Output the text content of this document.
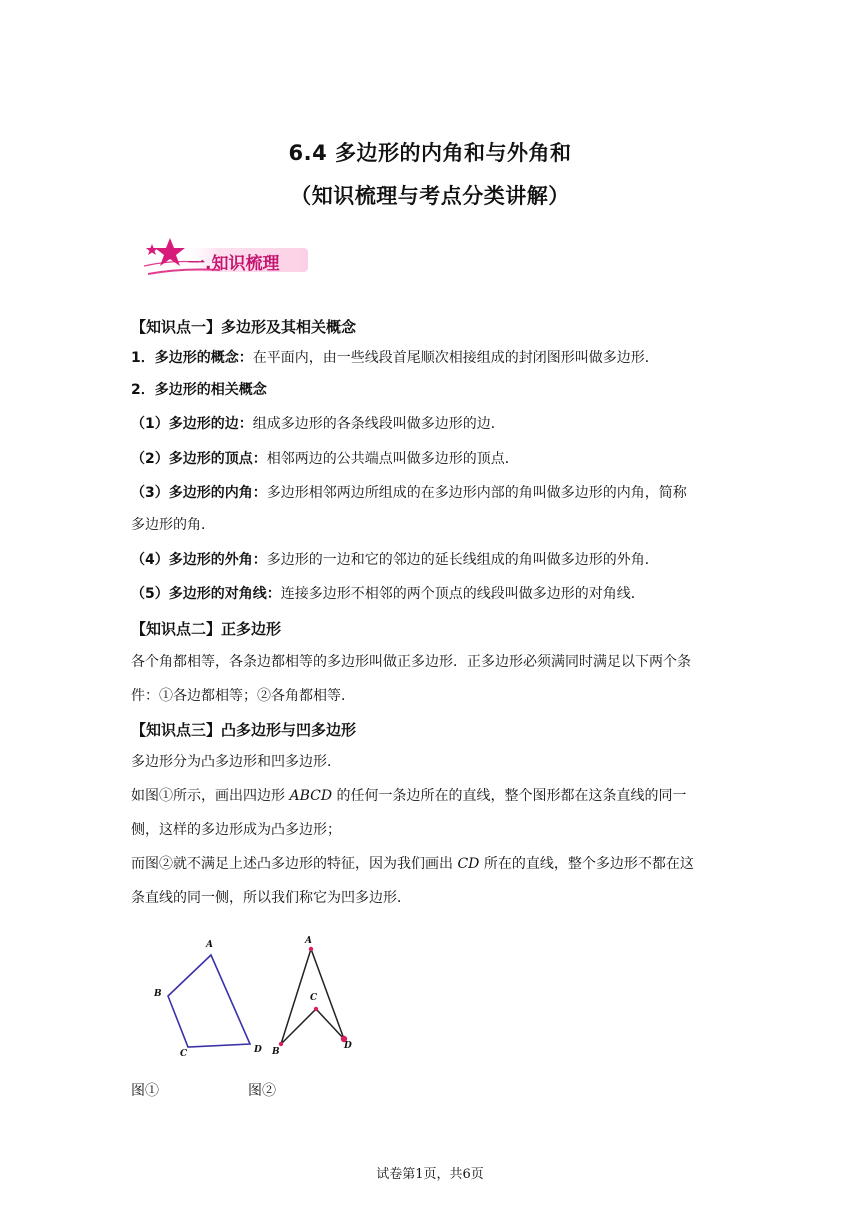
6.4 多边形的内角和与外角和
（知识梳理与考点分类讲解）
一.知识梳理
【知识点一】多边形及其相关概念
1．多边形的概念：在平面内，由一些线段首尾顺次相接组成的封闭图形叫做多边形．
2．多边形的相关概念
（1）多边形的边：组成多边形的各条线段叫做多边形的边．
（2）多边形的顶点：相邻两边的公共端点叫做多边形的顶点．
（3）多边形的内角：多边形相邻两边所组成的在多边形内部的角叫做多边形的内角，简称
多边形的角．
（4）多边形的外角：多边形的一边和它的邻边的延长线组成的角叫做多边形的外角．
（5）多边形的对角线：连接多边形不相邻的两个顶点的线段叫做多边形的对角线．
【知识点二】正多边形
各个角都相等，各条边都相等的多边形叫做正多边形．正多边形必须满同时满足以下两个条
件：①各边都相等；②各角都相等．
【知识点三】凸多边形与凹多边形
多边形分为凸多边形和凹多边形．
如图①所示，画出四边形 ABCD 的任何一条边所在的直线，整个图形都在这条直线的同一
侧，这样的多边形成为凸多边形；
而图②就不满足上述凸多边形的特征，因为我们画出 CD 所在的直线，整个多边形不都在这
条直线的同一侧，所以我们称它为凹多边形．
A
B
C	D
A
B
C
D
图①	图②
试卷第1页，共6页
